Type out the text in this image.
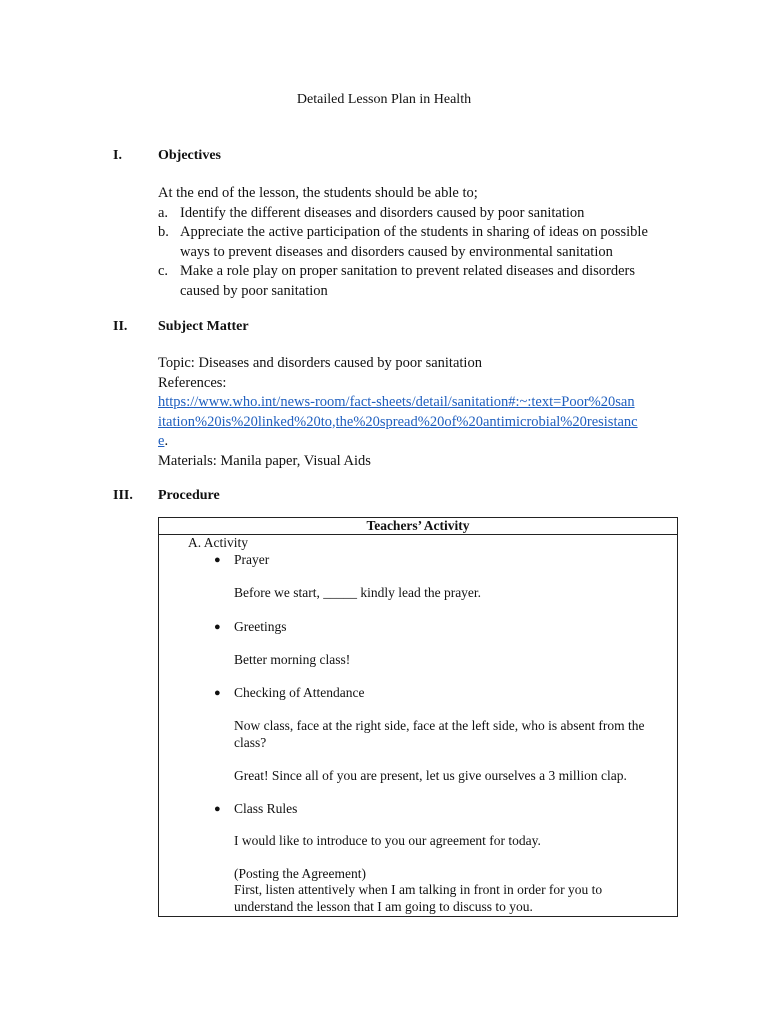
Detailed Lesson Plan in Health
I.	Objectives
At the end of the lesson, the students should be able to;
a. Identify the different diseases and disorders caused by poor sanitation
b. Appreciate the active participation of the students in sharing of ideas on possible ways to prevent diseases and disorders caused by environmental sanitation
c. Make a role play on proper sanitation to prevent related diseases and disorders caused by poor sanitation
II. Subject Matter
Topic: Diseases and disorders caused by poor sanitation
References:
https://www.who.int/news-room/fact-sheets/detail/sanitation#:~:text=Poor%20sanitation%20is%20linked%20to,the%20spread%20of%20antimicrobial%20resistance.
Materials: Manila paper, Visual Aids
III. Procedure
Teachers’ Activity

A. Activity
● Prayer
Before we start, _____ kindly lead the prayer.
● Greetings
Better morning class!
● Checking of Attendance
Now class, face at the right side, face at the left side, who is absent from the class?
Great! Since all of you are present, let us give ourselves a 3 million clap.
● Class Rules
I would like to introduce to you our agreement for today.
(Posting the Agreement)
First, listen attentively when I am talking in front in order for you to understand the lesson that I am going to discuss to you.
